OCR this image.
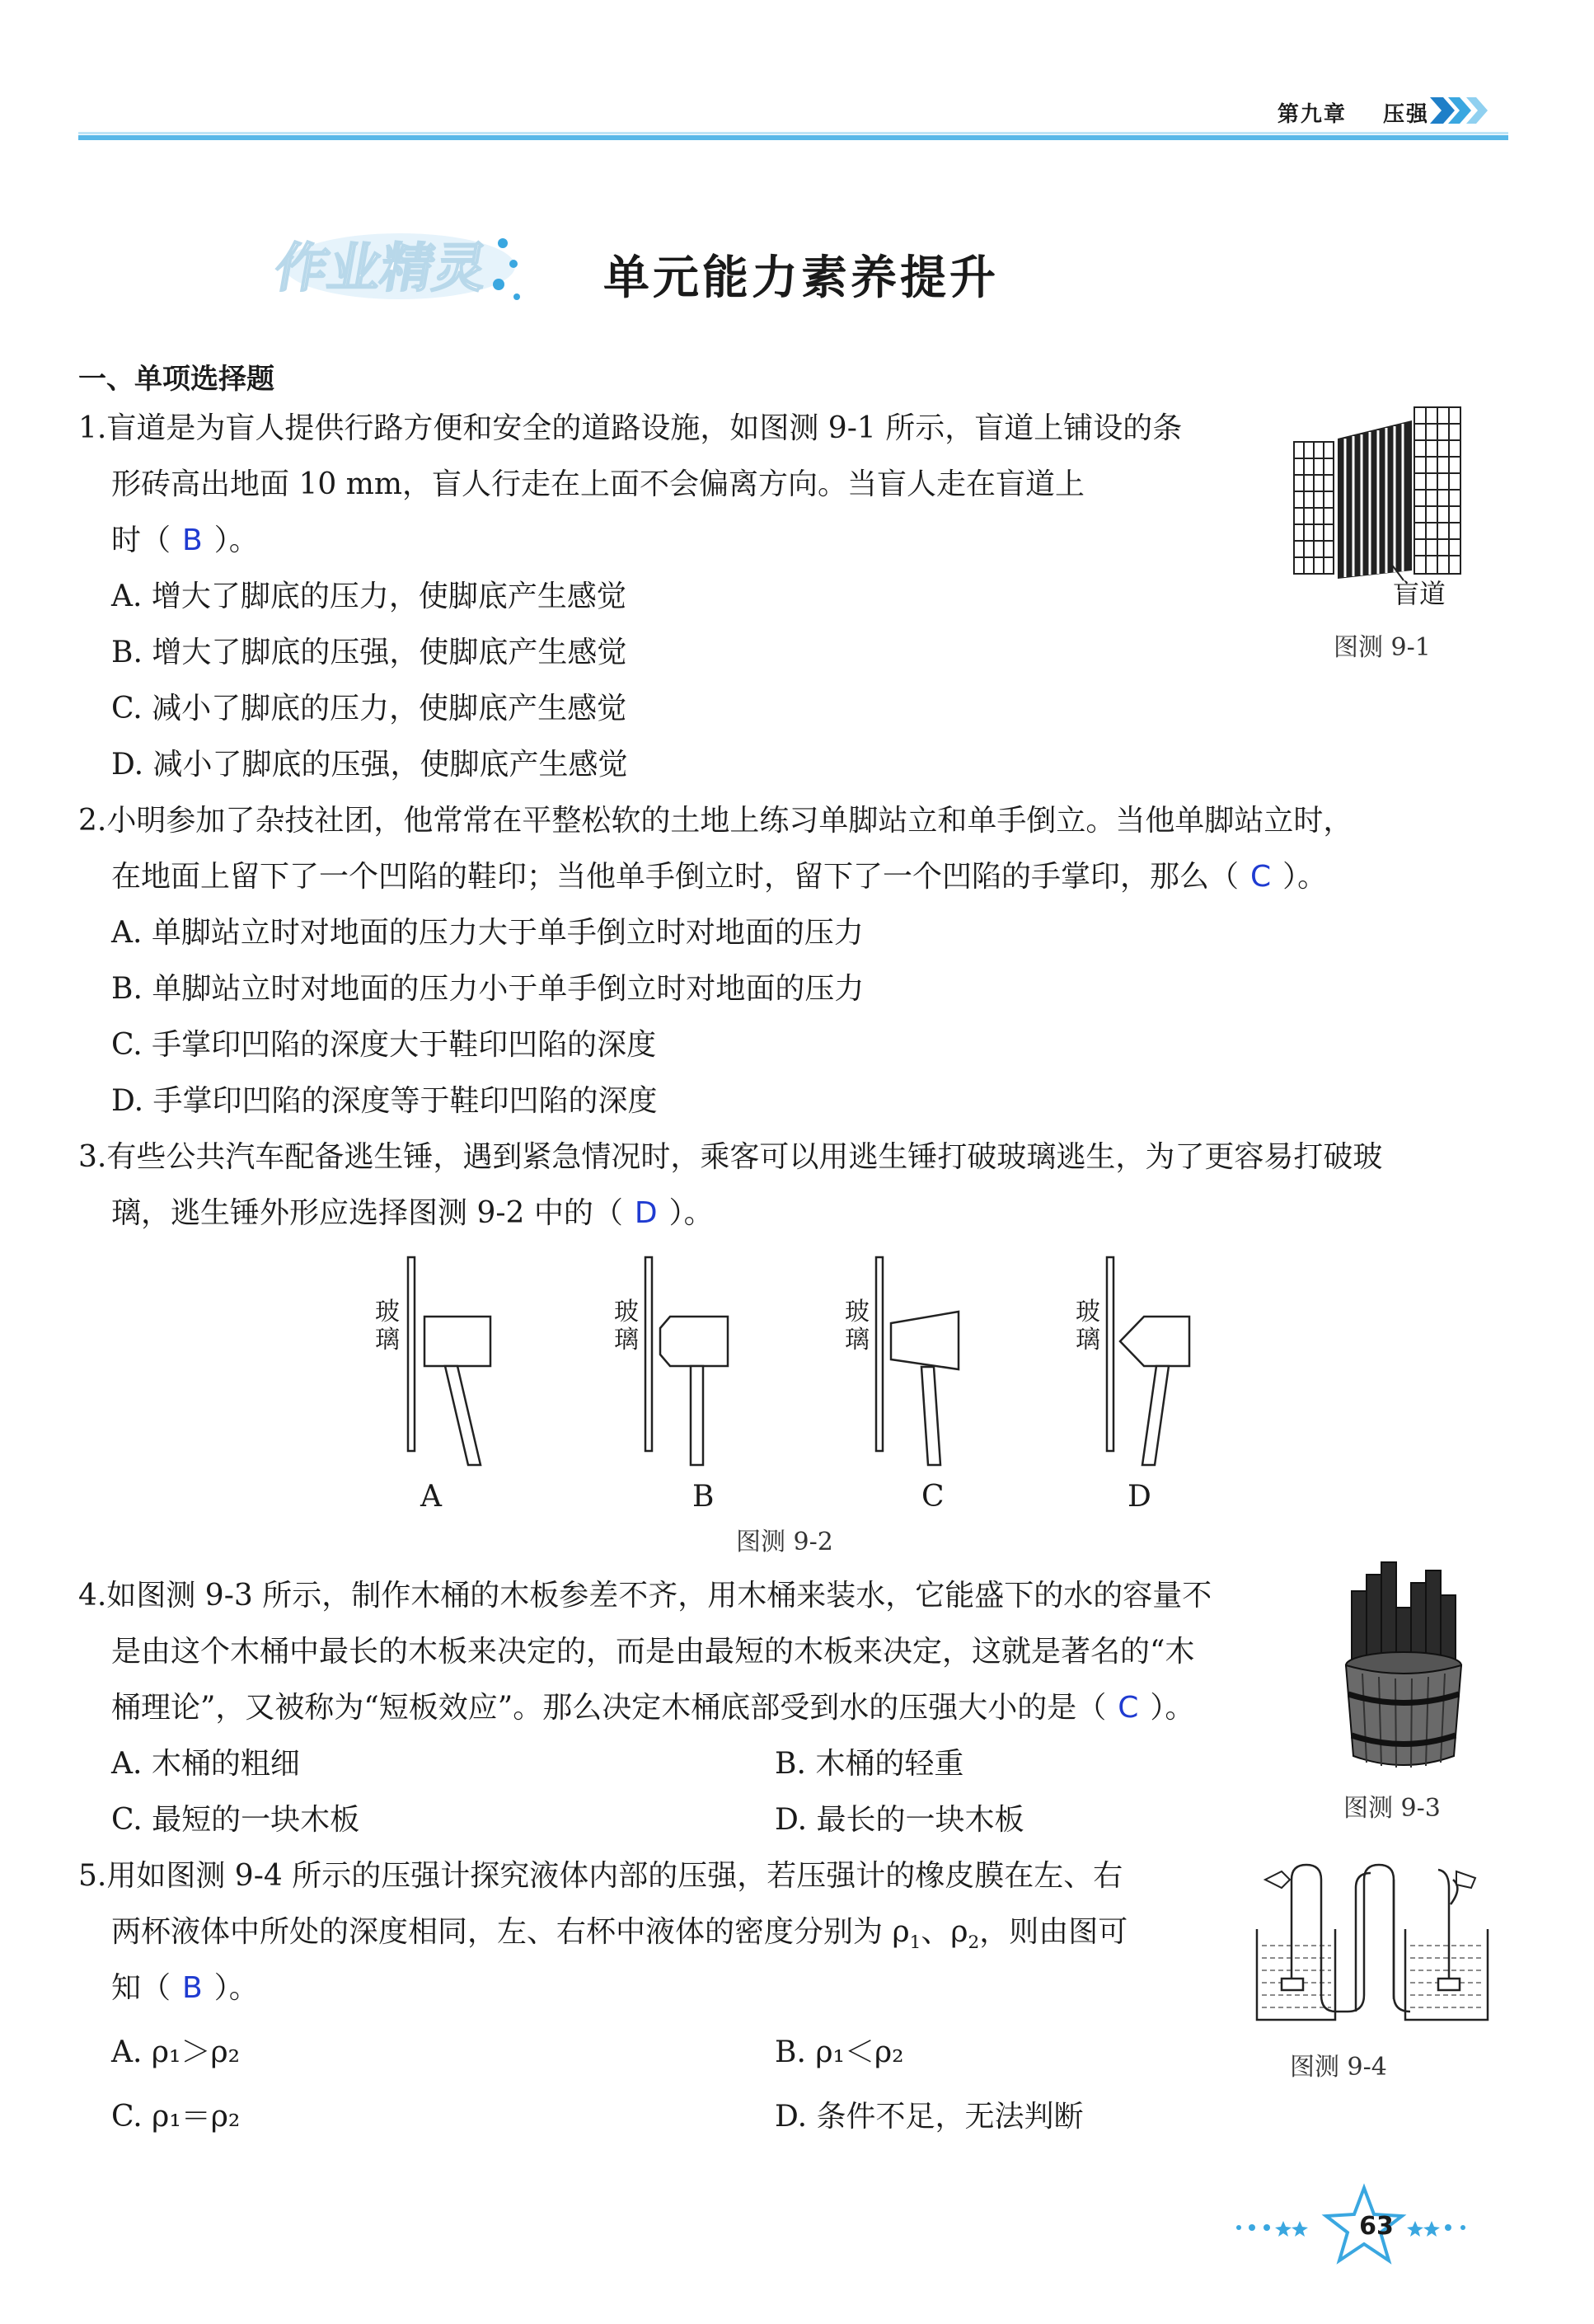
第九章 压强
作业精灵	单元能力素养提升
一、单项选择题
1.盲道是为盲人提供行路方便和安全的道路设施，如图测 9-1 所示，盲道上铺设的条
形砖高出地面 10 mm，盲人行走在上面不会偏离方向。当盲人走在盲道上
时（ B ）。
A. 增大了脚底的压力，使脚底产生感觉
B. 增大了脚底的压强，使脚底产生感觉
C. 减小了脚底的压力，使脚底产生感觉
D. 减小了脚底的压强，使脚底产生感觉
盲道
图测 9-1
2.小明参加了杂技社团，他常常在平整松软的土地上练习单脚站立和单手倒立。当他单脚站立时，
在地面上留下了一个凹陷的鞋印；当他单手倒立时，留下了一个凹陷的手掌印，那么（ C ）。
A. 单脚站立时对地面的压力大于单手倒立时对地面的压力
B. 单脚站立时对地面的压力小于单手倒立时对地面的压力
C. 手掌印凹陷的深度大于鞋印凹陷的深度
D. 手掌印凹陷的深度等于鞋印凹陷的深度
3.有些公共汽车配备逃生锤，遇到紧急情况时，乘客可以用逃生锤打破玻璃逃生，为了更容易打破玻
璃，逃生锤外形应选择图测 9-2 中的（ D ）。
玻璃
A
玻璃
B
玻璃
C
玻璃
D
图测 9-2
4.如图测 9-3 所示，制作木桶的木板参差不齐，用木桶来装水，它能盛下的水的容量不
是由这个木桶中最长的木板来决定的，而是由最短的木板来决定，这就是著名的“木
桶理论”，又被称为“短板效应”。那么决定木桶底部受到水的压强大小的是（ C ）。
A. 木桶的粗细	B. 木桶的轻重
C. 最短的一块木板	D. 最长的一块木板	图测 9-3
5.用如图测 9-4 所示的压强计探究液体内部的压强，若压强计的橡皮膜在左、右
两杯液体中所处的深度相同，左、右杯中液体的密度分别为 $\rho_1$、$\rho_2$，则由图可
知（ B ）。
A. ρ₁＞ρ₂	B. ρ₁＜ρ₂
C. ρ₁＝ρ₂	D. 条件不足，无法判断
图测 9-4
63
